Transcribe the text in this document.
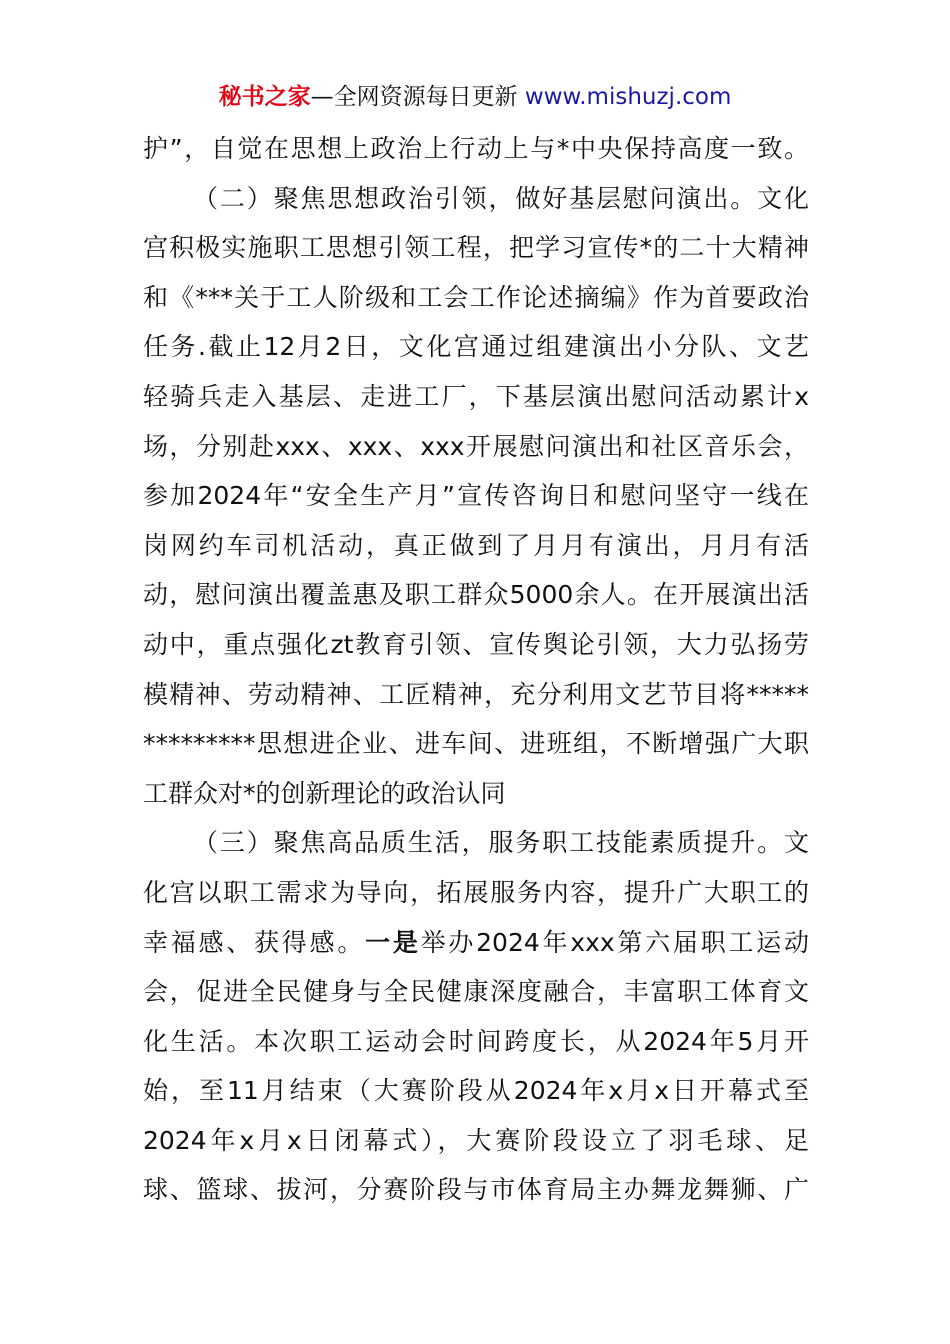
秘书之家—全网资源每日更新 www.mishuzj.com
护”，自觉在思想上政治上行动上与*中央保持高度一致。
（二）聚焦思想政治引领，做好基层慰问演出。文化
宫积极实施职工思想引领工程，把学习宣传*的二十大精神
和《***关于工人阶级和工会工作论述摘编》作为首要政治
任务.截止12月2日，文化宫通过组建演出小分队、文艺
轻骑兵走入基层、走进工厂，下基层演出慰问活动累计x
场，分别赴xxx、xxx、xxx开展慰问演出和社区音乐会，
参加2024年“安全生产月”宣传咨询日和慰问坚守一线在
岗网约车司机活动，真正做到了月月有演出，月月有活
动，慰问演出覆盖惠及职工群众5000余人。在开展演出活
动中，重点强化zt教育引领、宣传舆论引领，大力弘扬劳
模精神、劳动精神、工匠精神，充分利用文艺节目将*****
*********思想进企业、进车间、进班组，不断增强广大职
工群众对*的创新理论的政治认同
（三）聚焦高品质生活，服务职工技能素质提升。文
化宫以职工需求为导向，拓展服务内容，提升广大职工的
幸福感、获得感。一是举办2024年xxx第六届职工运动
会，促进全民健身与全民健康深度融合，丰富职工体育文
化生活。本次职工运动会时间跨度长，从2024年5月开
始，至11月结束（大赛阶段从2024年x月x日开幕式至
2024年x月x日闭幕式），大赛阶段设立了羽毛球、足
球、篮球、拔河，分赛阶段与市体育局主办舞龙舞狮、广
